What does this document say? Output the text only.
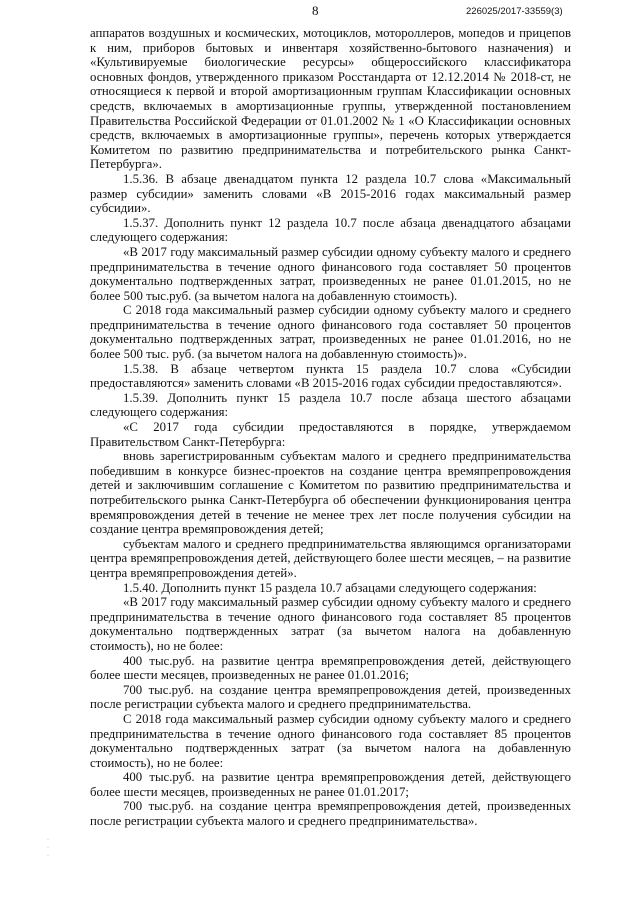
8	226025/2017-33559(3)

аппаратов воздушных и космических, мотоциклов, мотороллеров, мопедов и прицепов к ним, приборов бытовых и инвентаря хозяйственно-бытового назначения) и «Культивируемые биологические ресурсы» общероссийского классификатора основных фондов, утвержденного приказом Росстандарта от 12.12.2014 № 2018-ст, не относящиеся к первой и второй амортизационным группам Классификации основных средств, включаемых в амортизационные группы, утвержденной постановлением Правительства Российской Федерации от 01.01.2002 № 1 «О Классификации основных средств, включаемых в амортизационные группы», перечень которых утверждается Комитетом по развитию предпринимательства и потребительского рынка Санкт-Петербурга».

1.5.36. В абзаце двенадцатом пункта 12 раздела 10.7 слова «Максимальный размер субсидии» заменить словами «В 2015-2016 годах максимальный размер субсидии».

1.5.37. Дополнить пункт 12 раздела 10.7 после абзаца двенадцатого абзацами следующего содержания:

«В 2017 году максимальный размер субсидии одному субъекту малого и среднего предпринимательства в течение одного финансового года составляет 50 процентов документально подтвержденных затрат, произведенных не ранее 01.01.2015, но не более 500 тыс.руб. (за вычетом налога на добавленную стоимость).

С 2018 года максимальный размер субсидии одному субъекту малого и среднего предпринимательства в течение одного финансового года составляет 50 процентов документально подтвержденных затрат, произведенных не ранее 01.01.2016, но не более 500 тыс. руб. (за вычетом налога на добавленную стоимость)».

1.5.38. В абзаце четвертом пункта 15 раздела 10.7 слова «Субсидии предоставляются» заменить словами «В 2015-2016 годах субсидии предоставляются».

1.5.39. Дополнить пункт 15 раздела 10.7 после абзаца шестого абзацами следующего содержания:

«С 2017 года субсидии предоставляются в порядке, утверждаемом Правительством Санкт-Петербурга:

вновь зарегистрированным субъектам малого и среднего предпринимательства победившим в конкурсе бизнес-проектов на создание центра времяпрепровождения детей и заключившим соглашение с Комитетом по развитию предпринимательства и потребительского рынка Санкт-Петербурга об обеспечении функционирования центра времяпровождения детей в течение не менее трех лет после получения субсидии на создание центра времяпровождения детей;

субъектам малого и среднего предпринимательства являющимся организаторами центра времяпрепровождения детей, действующего более шести месяцев, – на развитие центра времяпрепровождения детей».

1.5.40. Дополнить пункт 15 раздела 10.7 абзацами следующего содержания:

«В 2017 году максимальный размер субсидии одному субъекту малого и среднего предпринимательства в течение одного финансового года составляет 85 процентов документально подтвержденных затрат (за вычетом налога на добавленную стоимость), но не более:

400 тыс.руб. на развитие центра времяпрепровождения детей, действующего более шести месяцев, произведенных не ранее 01.01.2016;

700 тыс.руб. на создание центра времяпрепровождения детей, произведенных после регистрации субъекта малого и среднего предпринимательства.

С 2018 года максимальный размер субсидии одному субъекту малого и среднего предпринимательства в течение одного финансового года составляет 85 процентов документально подтвержденных затрат (за вычетом налога на добавленную стоимость), но не более:

400 тыс.руб. на развитие центра времяпрепровождения детей, действующего более шести месяцев, произведенных не ранее 01.01.2017;

700 тыс.руб. на создание центра времяпрепровождения детей, произведенных после регистрации субъекта малого и среднего предпринимательства».

·
·
·
